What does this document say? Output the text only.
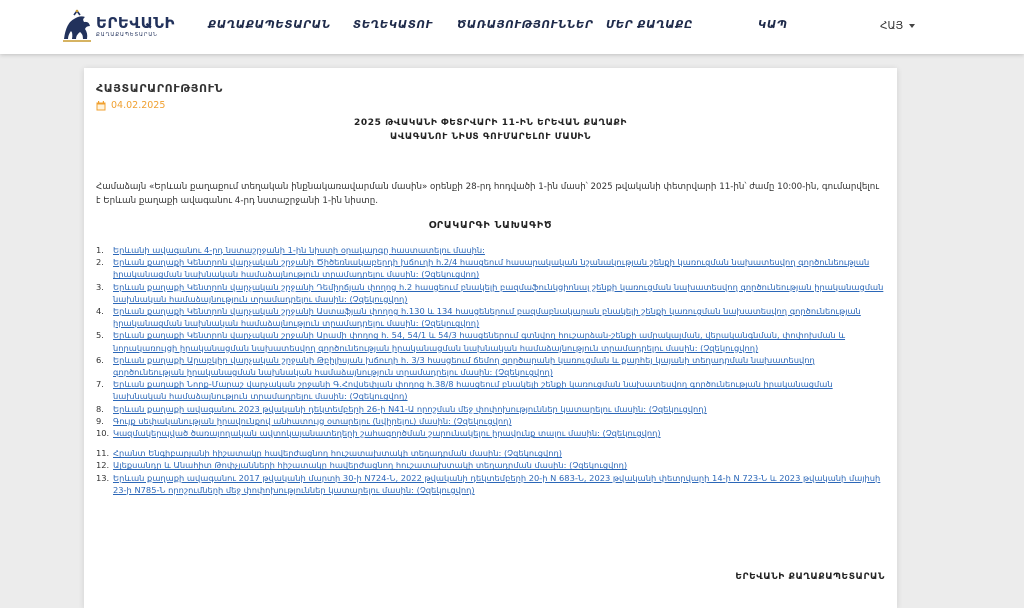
ԵՐԵՎԱՆԻ
ՔԱՂԱՔԱՊԵՏԱՐԱՆ
ՔԱՂԱՔԱՊԵՏԱՐԱՆ ՏԵՂԵԿԱՏՈՒ ԾԱՌԱՅՈՒԹՅՈՒՆՆԵՐ ՄԵՐ ՔԱՂԱՔԸ	ԿԱՊ	ՀԱՅ
ՀԱՅՏԱՐԱՐՈՒԹՅՈՒՆ
04.02.2025
2025 ԹՎԱԿԱՆԻ ՓԵՏՐՎԱՐԻ 11-ԻՆ ԵՐԵՎԱՆ ՔԱՂԱՔԻ
ԱՎԱԳԱՆՈՒ ՆԻՍՏ ԳՈՒՄԱՐԵԼՈՒ ՄԱՍԻՆ
Համաձայն «Երևան քաղաքում տեղական ինքնակառավարման մասին» օրենքի 28-րդ հոդվածի 1-ին մասի՝ 2025 թվականի փետրվարի 11-ին՝ ժամը 10:00-ին, գումարվելու է Երևան քաղաքի ավագանու 4-րդ նստաշրջանի 1-ին նիստը.
ՕՐԱԿԱՐԳԻ ՆԱԽԱԳԻԾ
1. Երևանի ավագանու 4-րդ նստաշրջանի 1-ին նիստի օրակարգը հաստատելու մասին:
2. Երևան քաղաքի Կենտրոն վարչական շրջանի Ծիծեռնակաբերդի խճուղի հ.2/4 հասցեում հասարակական նշանակության շենքի կառուցման նախատեսվող գործունեության իրականացման նախնական համաձայնություն տրամադրելու մասին: (Չզեկուցվող)
3. Երևան քաղաքի Կենտրոն վարչական շրջանի Դեմիրճյան փողոց հ.2 հասցեում բնակելի բազմաֆունկցիոնալ շենքի կառուցման նախատեսվող գործունեության իրականացման նախնական համաձայնություն տրամադրելու մասին: (Չզեկուցվող)
4. Երևան քաղաքի Կենտրոն վարչական շրջանի Աստաֆյան փողոց հ.130 և 134 հասցեներում բազմաբնակարան բնակելի շենքի կառուցման նախատեսվող գործունեության իրականացման նախնական համաձայնություն տրամադրելու մասին: (Չզեկուցվող)
5. Երևան քաղաքի Կենտրոն վարչական շրջանի Արամի փողոց հ. 54, 54/1 և 54/3 հասցեներում գտնվող հուշարձան-շենքի ամրակայման, վերականգնման, փոփոխման և նորակառույցի իրականացման նախատեսվող գործունեության իրականացման նախնական համաձայնություն տրամադրելու մասին: (Չզեկուցվող)
6. Երևան քաղաքի Արաբկիր վարչական շրջանի Թբիլիսյան խճուղի հ. 3/3 հասցեում ճեմող գործարանի կառուցման և քարհեյ կայանի տեղադրման նախատեսվող գործունեության իրականացման նախնական համաձայնություն տրամադրելու մասին: (Չզեկուցվող)
7. Երևան քաղաքի Նորք-Մարաշ վարչական շրջանի Գ.Հովսեփյան փողոց հ.38/8 հասցեում բնակելի շենքի կառուցման նախատեսվող գործունեության իրականացման նախնական համաձայնություն տրամադրելու մասին: (Չզեկուցվող)
8. Երևան քաղաքի ավագանու 2023 թվականի դեկտեմբերի 26-ի N41-Ա որոշման մեջ փոփոխություններ կատարելու մասին: (Չզեկուցվող)
9. Գույք սեփականության իրավունքով անհատույց օտարելու (նվիրելու) մասին: (Չզեկուցվող)
10. Կազմակերպված ծառայողական ավտոկայանատեղերի շահագործման շարունակելու իրավունք տալու մասին: (Չզեկուցվող)
11. Հրանտ Ենգիբարյանի հիշատակը հավերժացնող հուշատախտակի տեղադրման մասին: (Չզեկուցվող)
12. Ալեքսանդր և Անահիտ Թոփչյանների հիշատակը հավերժացնող հուշատախտակի տեղադրման մասին: (Չզեկուցվող)
13. Երևան քաղաքի ավագանու 2017 թվականի մարտի 30-ի N724-Ն, 2022 թվականի դեկտեմբերի 20-ի N 683-Ն, 2023 թվականի փետրվարի 14-ի N 723-Ն և 2023 թվականի մայիսի 23-ի N785-Ն որոշումների մեջ փոփոխություններ կատարելու մասին: (Չզեկուցվող)
ԵՐԵՎԱՆԻ ՔԱՂԱՔԱՊԵՏԱՐԱՆ
